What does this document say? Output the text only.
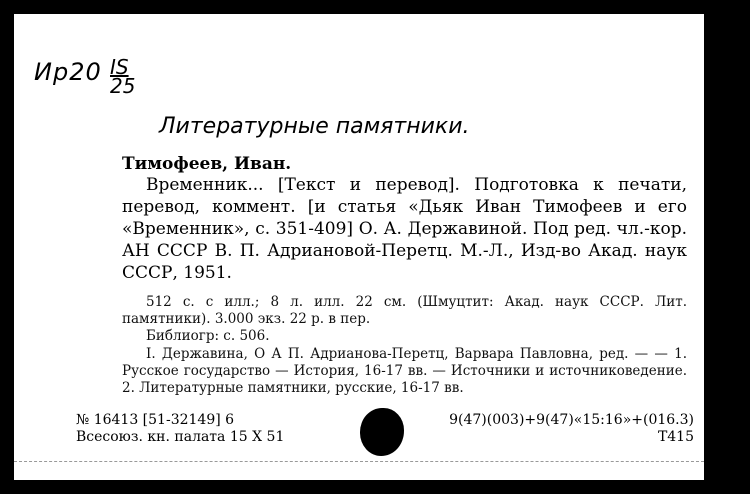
$Ир20 \frac{IS}{25}$
Литературные памятники.
Тимофеев, Иван.
Временник... [Текст и перевод]. Подготовка к печати, перевод, коммент. [и статья «Дьяк Иван Тимофеев и его «Временник», с. 351-409] О. А. Державиной. Под ред. чл.-кор. АН СССР В. П. Адриановой-Перетц. М.-Л., Изд-во Акад. наук СССР, 1951.
512 с. с илл.; 8 л. илл. 22 см. (Шмуцтит: Акад. наук СССР. Лит. памятники). 3.000 экз. 22 р. в пер.
Библиогр: с. 506.
I. Державина, О А П. Адрианова-Перетц, Варвара Павловна, ред. — — 1. Русское государство — История, 16-17 вв. — Источники и источниковедение. 2. Литературные памятники, русские, 16-17 вв.
№ 16413 [51-32149] 6	9(47)(003)+9(47)«15:16»+(016.3)
Всесоюз. кн. палата 15 X 51	Т415
